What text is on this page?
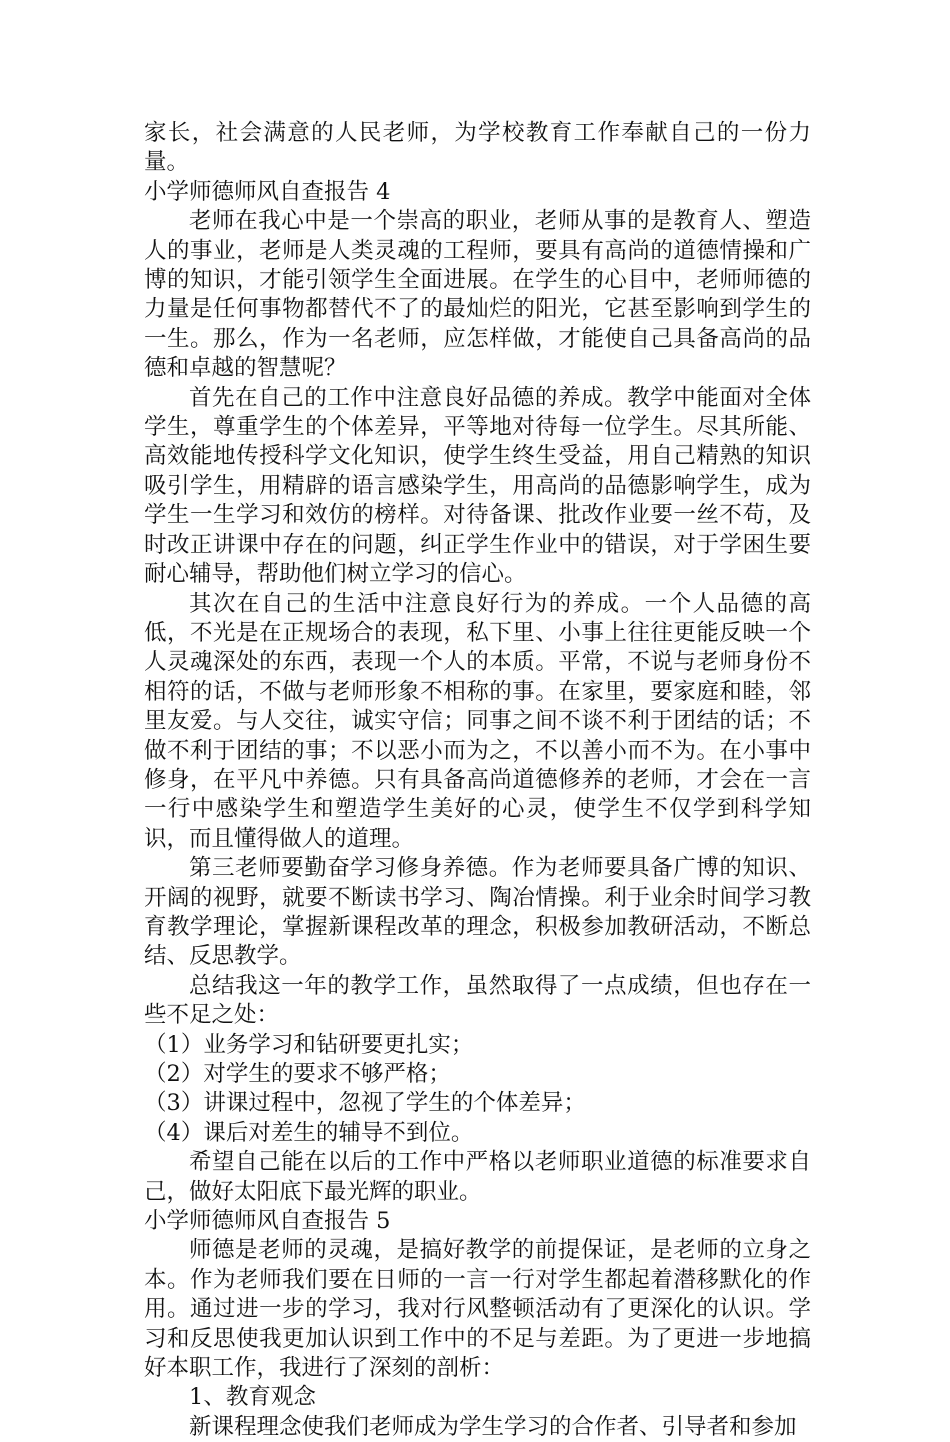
家长，社会满意的人民老师，为学校教育工作奉献自己的一份力量。

小学师德师风自查报告 4

老师在我心中是一个崇高的职业，老师从事的是教育人、塑造人的事业，老师是人类灵魂的工程师，要具有高尚的道德情操和广博的知识，才能引领学生全面进展。在学生的心目中，老师师德的力量是任何事物都替代不了的最灿烂的阳光，它甚至影响到学生的一生。那么，作为一名老师，应怎样做，才能使自己具备高尚的品德和卓越的智慧呢？

首先在自己的工作中注意良好品德的养成。教学中能面对全体学生，尊重学生的个体差异，平等地对待每一位学生。尽其所能、高效能地传授科学文化知识，使学生终生受益，用自己精熟的知识吸引学生，用精辟的语言感染学生，用高尚的品德影响学生，成为学生一生学习和效仿的榜样。对待备课、批改作业要一丝不苟，及时改正讲课中存在的问题，纠正学生作业中的错误，对于学困生要耐心辅导，帮助他们树立学习的信心。

其次在自己的生活中注意良好行为的养成。一个人品德的高低，不光是在正规场合的表现，私下里、小事上往往更能反映一个人灵魂深处的东西，表现一个人的本质。平常，不说与老师身份不相符的话，不做与老师形象不相称的事。在家里，要家庭和睦，邻里友爱。与人交往，诚实守信；同事之间不谈不利于团结的话；不做不利于团结的事；不以恶小而为之，不以善小而不为。在小事中修身，在平凡中养德。只有具备高尚道德修养的老师，才会在一言一行中感染学生和塑造学生美好的心灵，使学生不仅学到科学知识，而且懂得做人的道理。

第三老师要勤奋学习修身养德。作为老师要具备广博的知识、开阔的视野，就要不断读书学习、陶冶情操。利于业余时间学习教育教学理论，掌握新课程改革的理念，积极参加教研活动，不断总结、反思教学。

总结我这一年的教学工作，虽然取得了一点成绩，但也存在一些不足之处：

（1）业务学习和钻研要更扎实；

（2）对学生的要求不够严格；

（3）讲课过程中，忽视了学生的个体差异；

（4）课后对差生的辅导不到位。

希望自己能在以后的工作中严格以老师职业道德的标准要求自己，做好太阳底下最光辉的职业。

小学师德师风自查报告 5

师德是老师的灵魂，是搞好教学的前提保证，是老师的立身之本。作为老师我们要在日师的一言一行对学生都起着潜移默化的作用。通过进一步的学习，我对行风整顿活动有了更深化的认识。学习和反思使我更加认识到工作中的不足与差距。为了更进一步地搞好本职工作，我进行了深刻的剖析：

1、教育观念

新课程理念使我们老师成为学生学习的合作者、引导者和参加
